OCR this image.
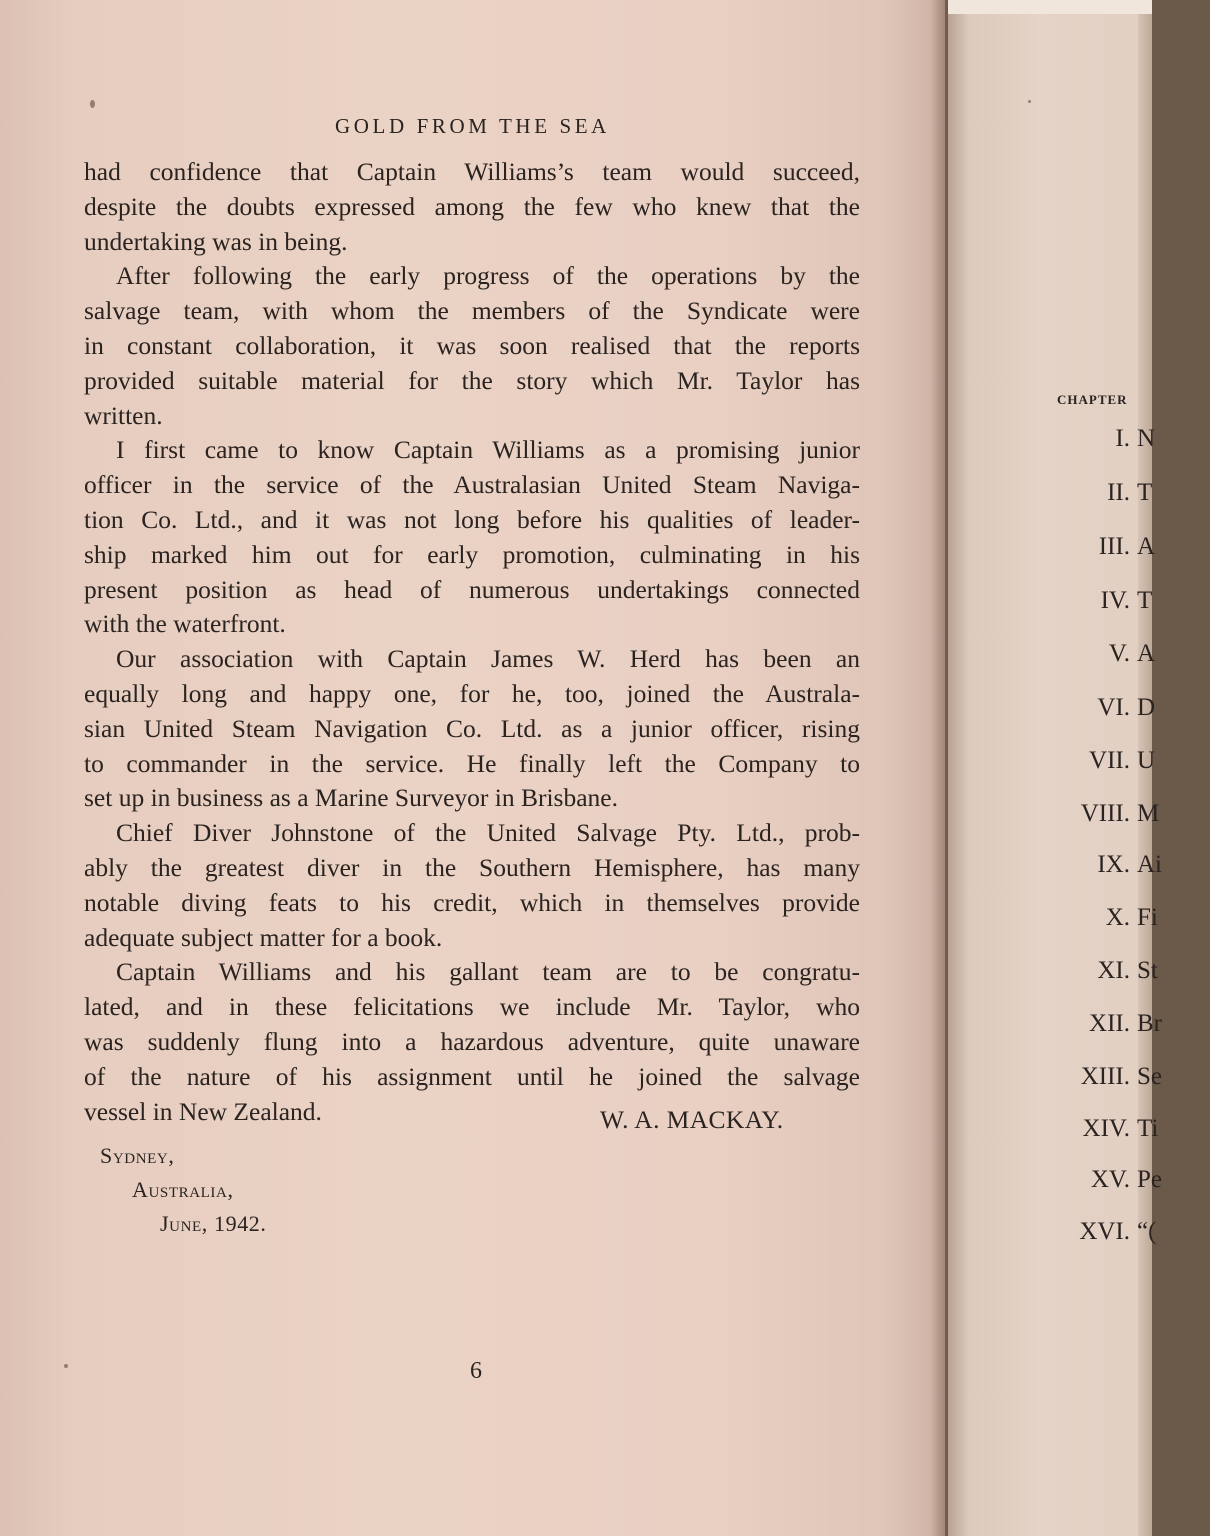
GOLD FROM THE SEA
had confidence that Captain Williams’s team would succeed,
despite the doubts expressed among the few who knew that the
undertaking was in being.
After following the early progress of the operations by the
salvage team, with whom the members of the Syndicate were
in constant collaboration, it was soon realised that the reports
provided suitable material for the story which Mr. Taylor has
written.
I first came to know Captain Williams as a promising junior
officer in the service of the Australasian United Steam Naviga-
tion Co. Ltd., and it was not long before his qualities of leader-
ship marked him out for early promotion, culminating in his
present position as head of numerous undertakings connected
with the waterfront.
Our association with Captain James W. Herd has been an
equally long and happy one, for he, too, joined the Australa-
sian United Steam Navigation Co. Ltd. as a junior officer, rising
to commander in the service. He finally left the Company to
set up in business as a Marine Surveyor in Brisbane.
Chief Diver Johnstone of the United Salvage Pty. Ltd., prob-
ably the greatest diver in the Southern Hemisphere, has many
notable diving feats to his credit, which in themselves provide
adequate subject matter for a book.
Captain Williams and his gallant team are to be congratu-
lated, and in these felicitations we include Mr. Taylor, who
was suddenly flung into a hazardous adventure, quite unaware
of the nature of his assignment until he joined the salvage
vessel in New Zealand.	W. A. MACKAY.
Sydney,
Australia,
June, 1942.
6
CHAPTER
I. N
II. T
III. A
IV. T
V. A
VI. D
VII. U
VIII. M
IX. Ai
X. Fi
XI. St
XII. Br
XIII. Se
XIV. Ti
XV. Pe
XVI. “(
